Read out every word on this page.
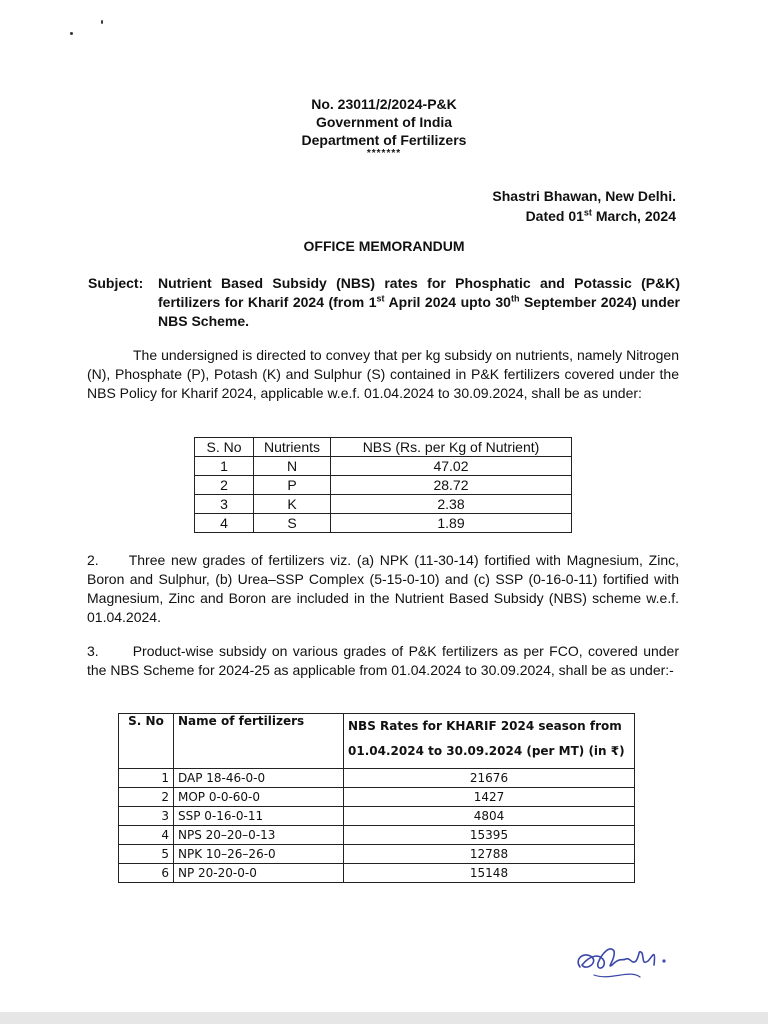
No. 23011/2/2024-P&K
Government of India
Department of Fertilizers
*******
Shastri Bhawan, New Delhi.
Dated 01st March, 2024
OFFICE MEMORANDUM
Subject: Nutrient Based Subsidy (NBS) rates for Phosphatic and Potassic (P&K) fertilizers for Kharif 2024 (from 1st April 2024 upto 30th September 2024) under NBS Scheme.
The undersigned is directed to convey that per kg subsidy on nutrients, namely Nitrogen (N), Phosphate (P), Potash (K) and Sulphur (S) contained in P&K fertilizers covered under the NBS Policy for Kharif 2024, applicable w.e.f. 01.04.2024 to 30.09.2024, shall be as under:
S. No	Nutrients	NBS (Rs. per Kg of Nutrient)
1	N	47.02
2	P	28.72
3	K	2.38
4	S	1.89
2. Three new grades of fertilizers viz. (a) NPK (11-30-14) fortified with Magnesium, Zinc, Boron and Sulphur, (b) Urea–SSP Complex (5-15-0-10) and (c) SSP (0-16-0-11) fortified with Magnesium, Zinc and Boron are included in the Nutrient Based Subsidy (NBS) scheme w.e.f. 01.04.2024.
3. Product-wise subsidy on various grades of P&K fertilizers as per FCO, covered under the NBS Scheme for 2024-25 as applicable from 01.04.2024 to 30.09.2024, shall be as under:-
S. No	Name of fertilizers	NBS Rates for KHARIF 2024 season from
01.04.2024 to 30.09.2024 (per MT) (in ₹)

1	DAP 18-46-0-0	21676
2	MOP 0-0-60-0	1427
3	SSP 0-16-0-11	4804
4	NPS 20–20–0-13	15395
5	NPK 10–26–26-0	12788
6	NP 20-20-0-0	15148
